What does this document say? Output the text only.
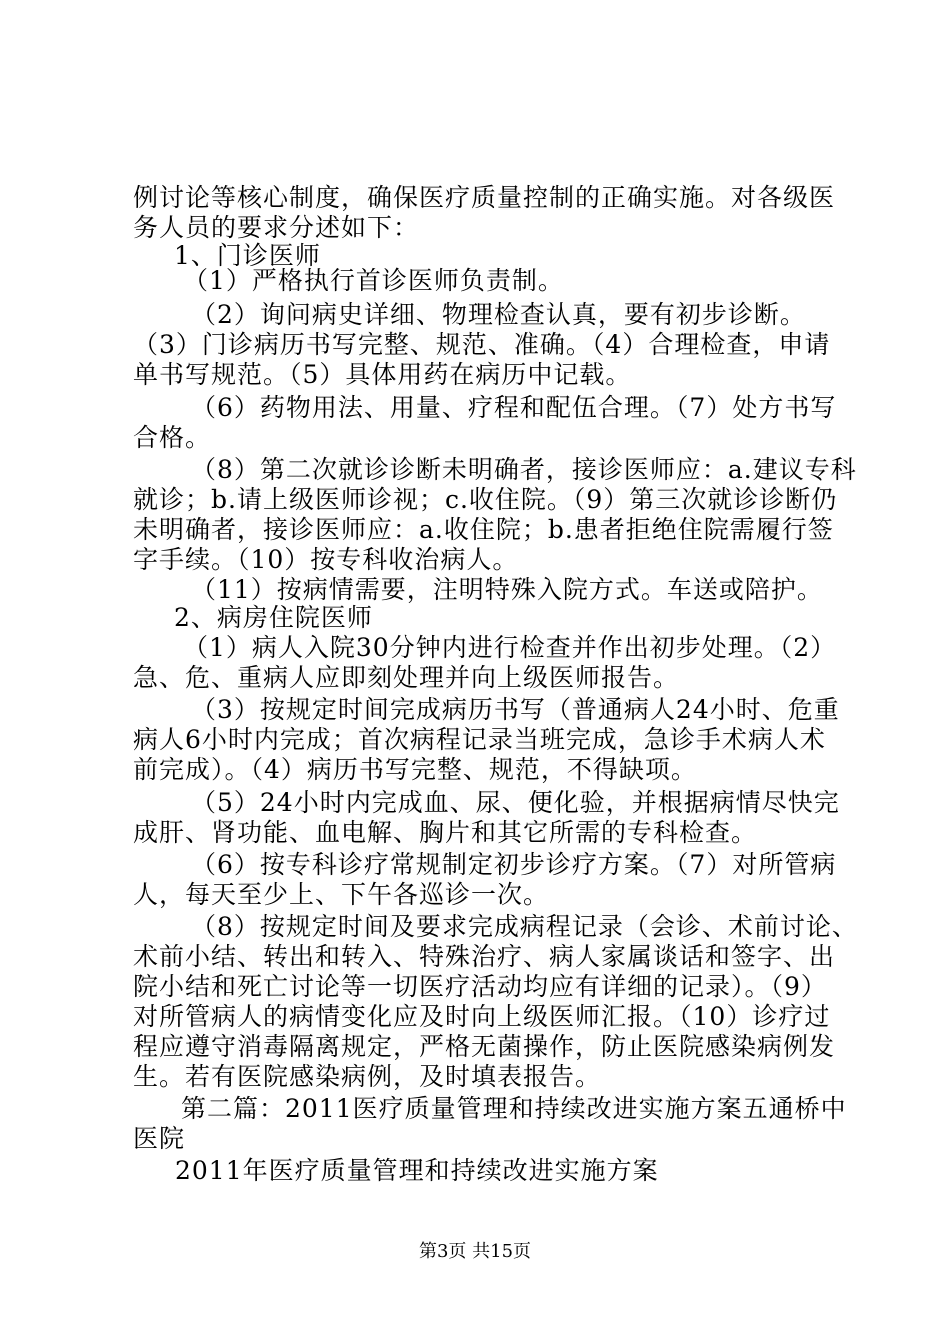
例讨论等核心制度，确保医疗质量控制的正确实施。对各级医
务人员的要求分述如下：
1、门诊医师
（1）严格执行首诊医师负责制。
（2）询问病史详细、物理检查认真，要有初步诊断。
（3）门诊病历书写完整、规范、准确。（4）合理检查，申请
单书写规范。（5）具体用药在病历中记载。
（6）药物用法、用量、疗程和配伍合理。（7）处方书写
合格。
（8）第二次就诊诊断未明确者，接诊医师应：a.建议专科
就诊；b.请上级医师诊视；c.收住院。（9）第三次就诊诊断仍
未明确者，接诊医师应：a.收住院；b.患者拒绝住院需履行签
字手续。（10）按专科收治病人。
（11）按病情需要，注明特殊入院方式。车送或陪护。
2、病房住院医师
（1）病人入院30分钟内进行检查并作出初步处理。（2）
急、危、重病人应即刻处理并向上级医师报告。
（3）按规定时间完成病历书写（普通病人24小时、危重
病人6小时内完成；首次病程记录当班完成，急诊手术病人术
前完成）。（4）病历书写完整、规范，不得缺项。
（5）24小时内完成血、尿、便化验，并根据病情尽快完
成肝、肾功能、血电解、胸片和其它所需的专科检查。
（6）按专科诊疗常规制定初步诊疗方案。（7）对所管病
人，每天至少上、下午各巡诊一次。
（8）按规定时间及要求完成病程记录（会诊、术前讨论、
术前小结、转出和转入、特殊治疗、病人家属谈话和签字、出
院小结和死亡讨论等一切医疗活动均应有详细的记录）。（9）
对所管病人的病情变化应及时向上级医师汇报。（10）诊疗过
程应遵守消毒隔离规定，严格无菌操作，防止医院感染病例发
生。若有医院感染病例，及时填表报告。
第二篇：2011医疗质量管理和持续改进实施方案五通桥中
医院
2011年医疗质量管理和持续改进实施方案
第3页 共15页
